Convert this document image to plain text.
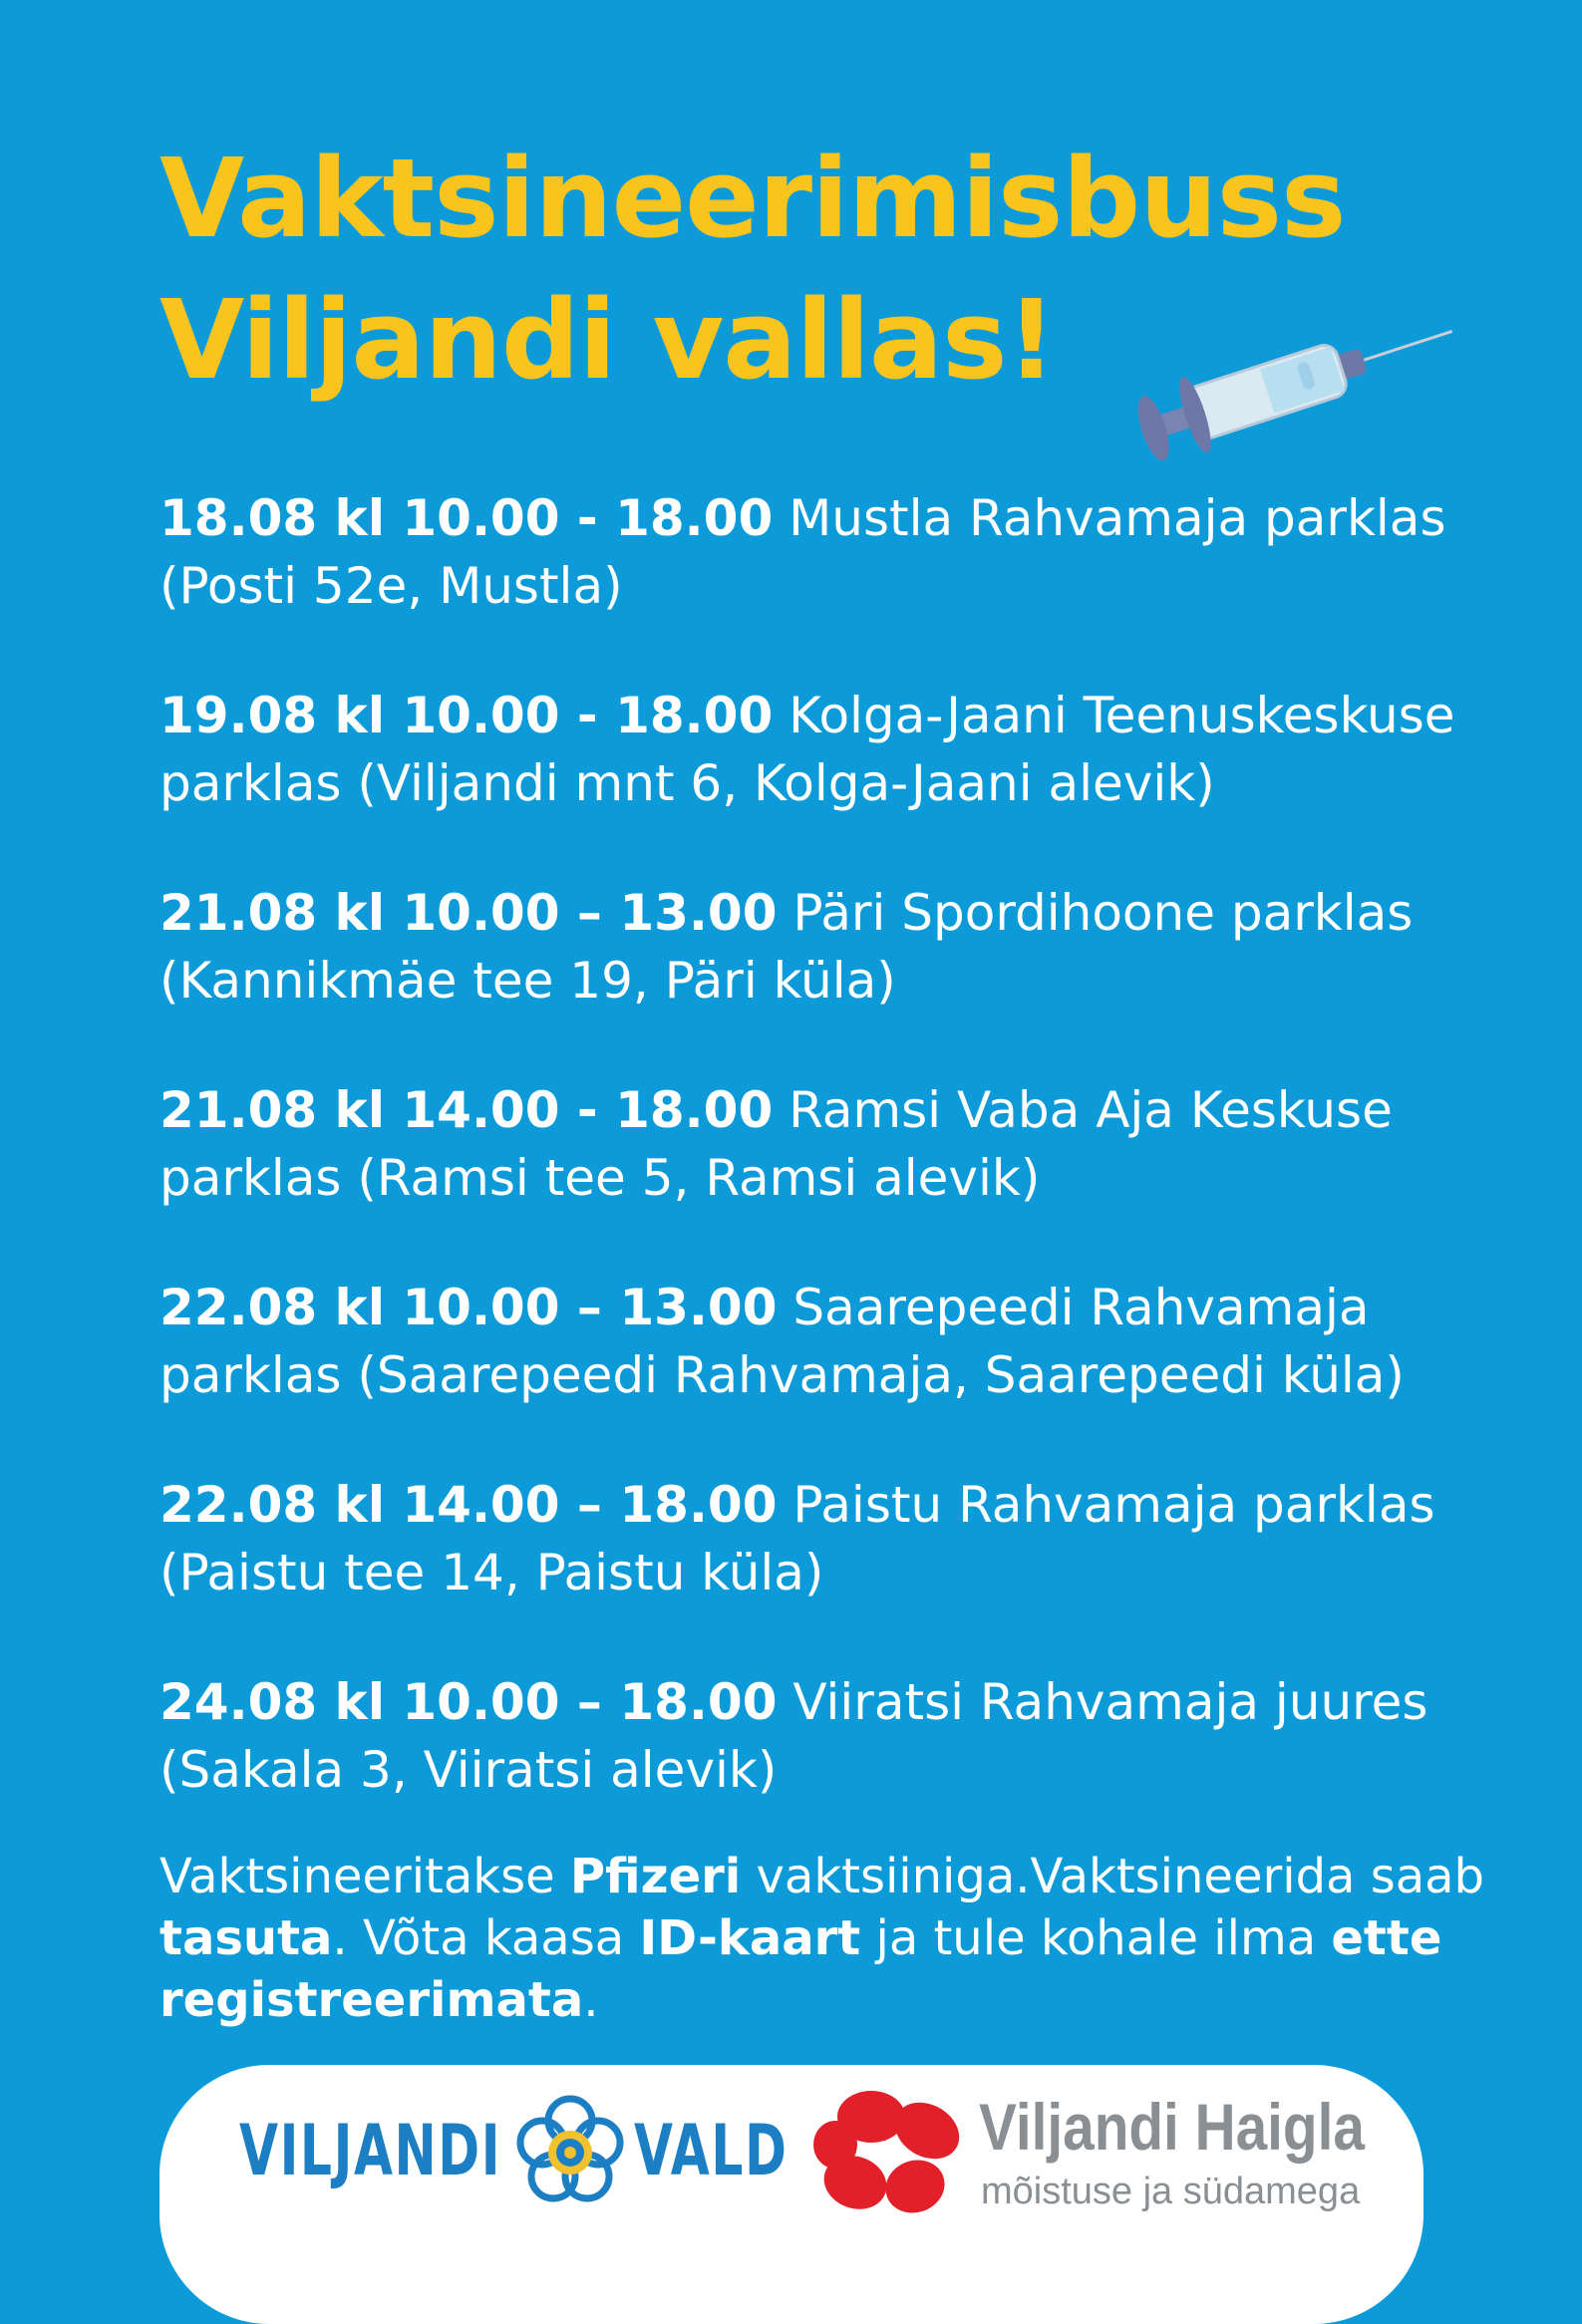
Vaktsineerimisbuss
Viljandi vallas!

18.08 kl 10.00 - 18.00 Mustla Rahvamaja parklas
(Posti 52e, Mustla)

19.08 kl 10.00 - 18.00 Kolga-Jaani Teenuskeskuse
parklas (Viljandi mnt 6, Kolga-Jaani alevik)

21.08 kl 10.00 – 13.00 Päri Spordihoone parklas
(Kannikmäe tee 19, Päri küla)

21.08 kl 14.00 - 18.00 Ramsi Vaba Aja Keskuse
parklas (Ramsi tee 5, Ramsi alevik)

22.08 kl 10.00 – 13.00 Saarepeedi Rahvamaja
parklas (Saarepeedi Rahvamaja, Saarepeedi küla)

22.08 kl 14.00 – 18.00 Paistu Rahvamaja parklas
(Paistu tee 14, Paistu küla)

24.08 kl 10.00 – 18.00 Viiratsi Rahvamaja juures
(Sakala 3, Viiratsi alevik)

Vaktsineeritakse Pfizeri vaktsiiniga.Vaktsineerida saab tasuta. Võta kaasa ID-kaart ja tule kohale ilma ette registreerimata.

VILJANDI VALD	Viljandi Haigla
mõistuse ja südamega
